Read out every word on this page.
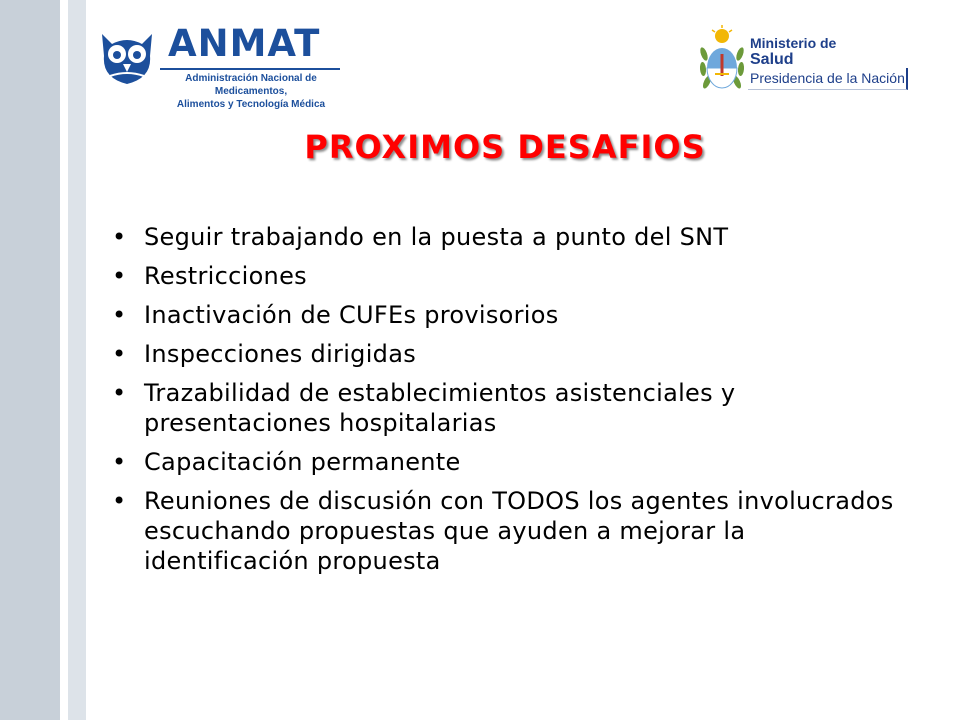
ANMAT
Administración Nacional de Medicamentos,
Alimentos y Tecnología Médica
Ministerio de
Salud
Presidencia de la Nación
PROXIMOS DESAFIOS
• Seguir trabajando en la puesta a punto del SNT
• Restricciones
• Inactivación de CUFEs provisorios
• Inspecciones dirigidas
• Trazabilidad de establecimientos asistenciales y presentaciones hospitalarias
• Capacitación permanente
• Reuniones de discusión con TODOS los agentes involucrados escuchando propuestas que ayuden a mejorar la identificación propuesta
